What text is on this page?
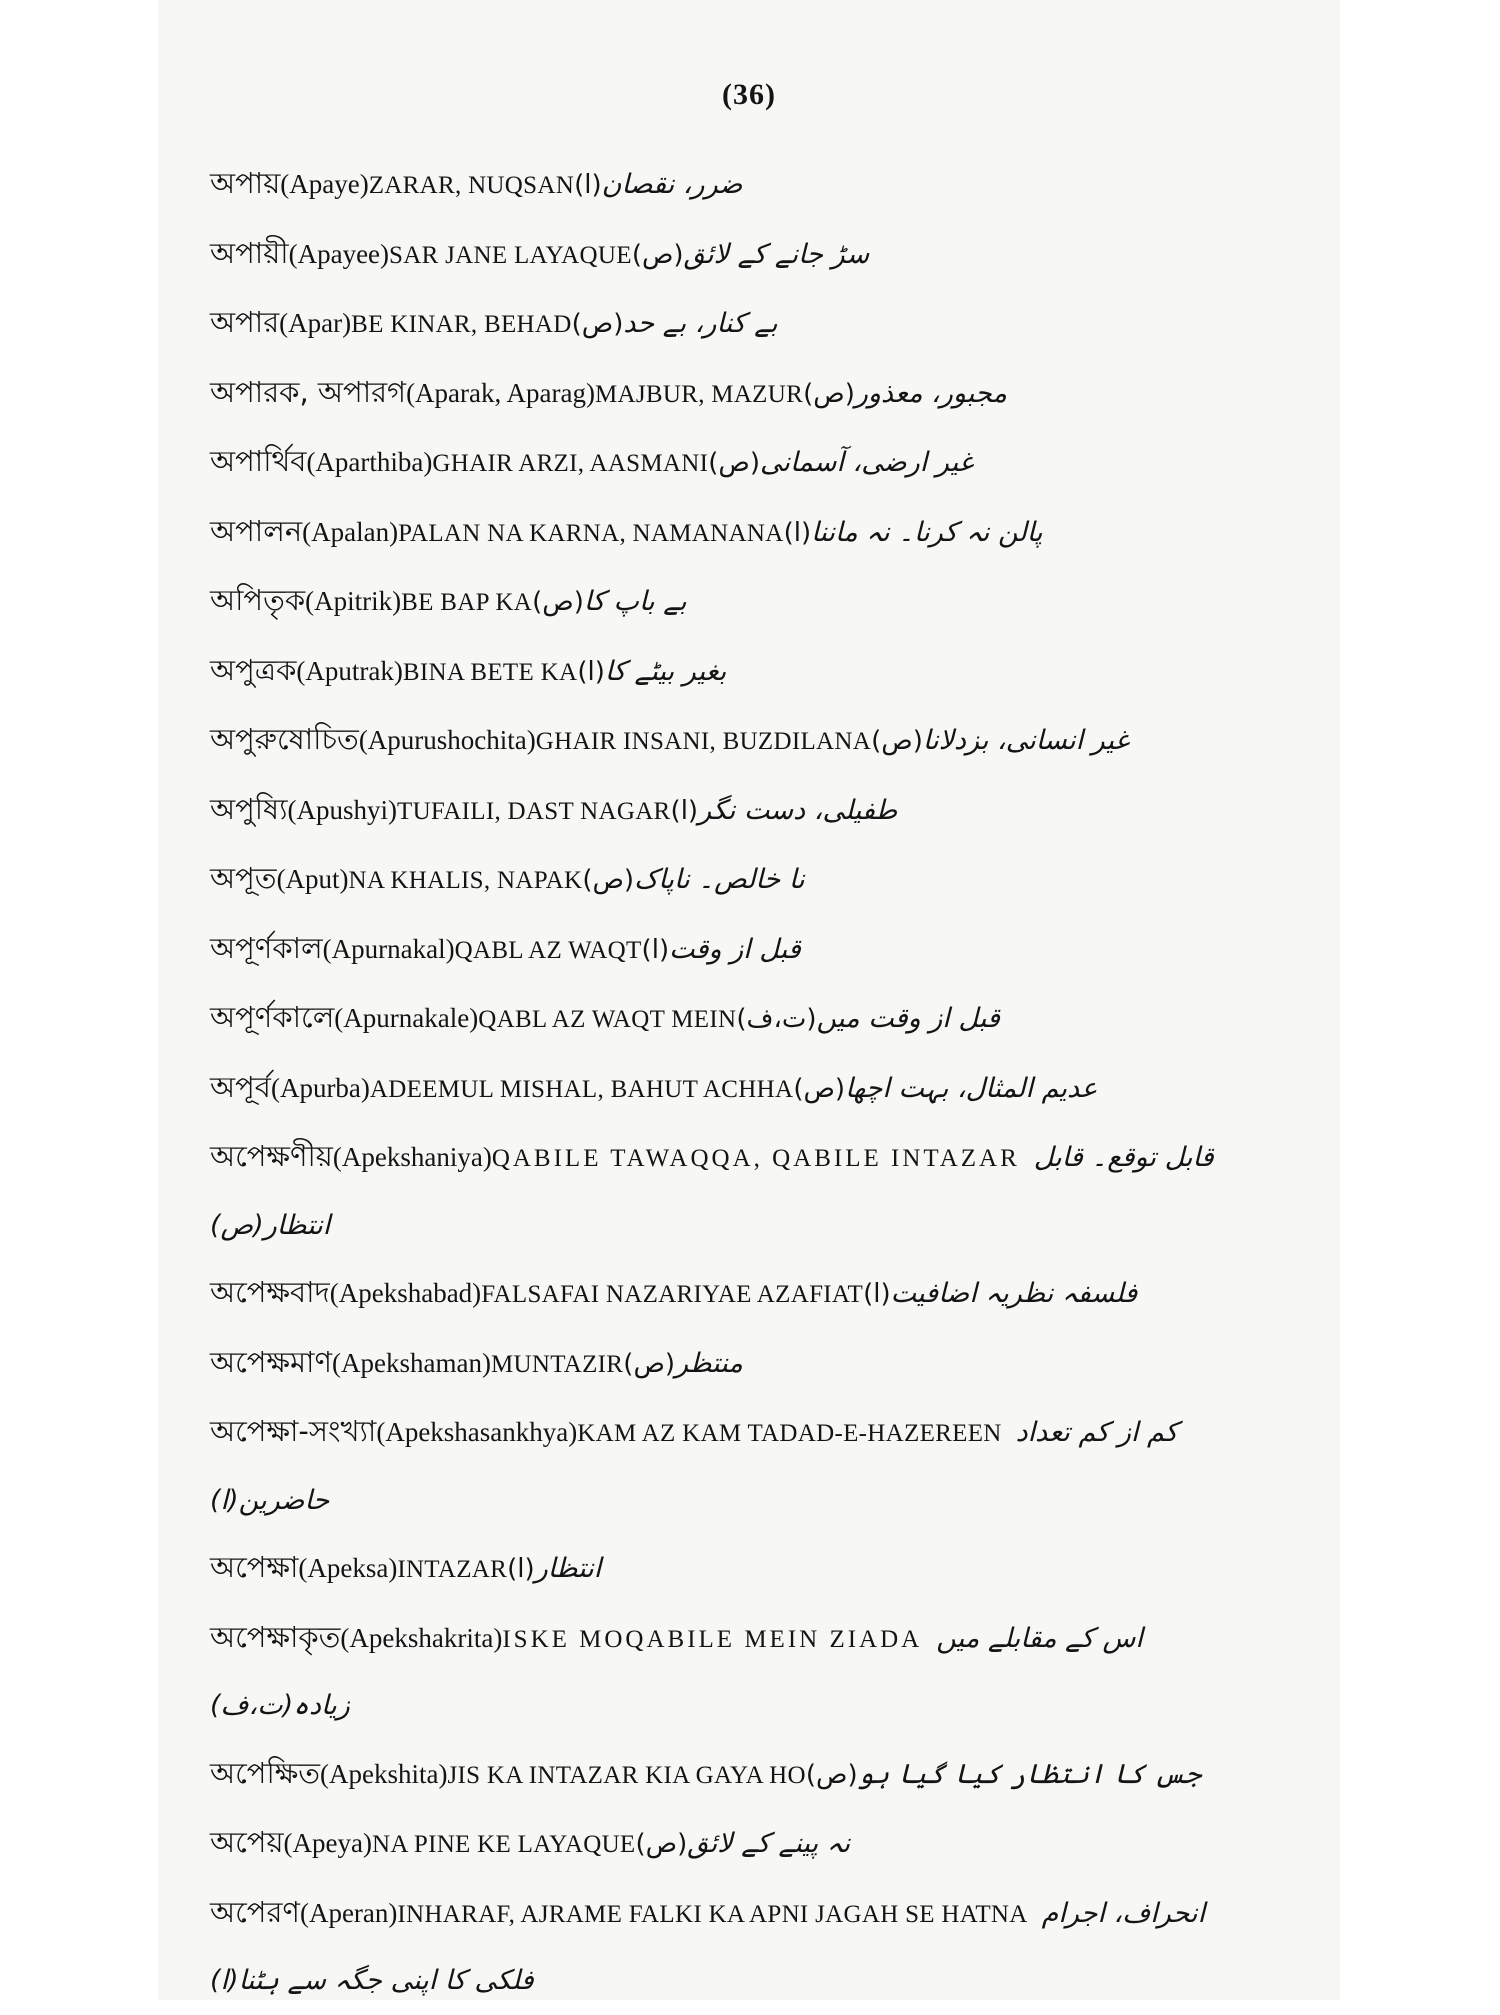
(36)
অপায়(Apaye)ZARAR, NUQSAN(ا)ضرر، نقصان
অপায়ী(Apayee)SAR JANE LAYAQUE(ص)سڑ جانے کے لائق
অপার(Apar)BE KINAR, BEHAD(ص)بے کنار، بے حد
অপারক, অপারগ(Aparak, Aparag)MAJBUR, MAZUR(ص)مجبور، معذور
অপার্থিব(Aparthiba)GHAIR ARZI, AASMANI(ص)غیر ارضی، آسمانی
অপালন(Apalan)PALAN NA KARNA, NAMANANA(ا)پالن نہ کرنا۔ نہ ماننا
অপিতৃক(Apitrik)BE BAP KA(ص)بے باپ کا
অপুত্রক(Aputrak)BINA BETE KA(ا)بغیر بیٹے کا
অপুরুষোচিত(Apurushochita)GHAIR INSANI, BUZDILANA(ص)غیر انسانی، بزدلانا
অপুষ্যি(Apushyi)TUFAILI, DAST NAGAR(ا)طفیلی، دست نگر
অপূত(Aput)NA KHALIS, NAPAK(ص)نا خالص۔ ناپاک
অপূর্ণকাল(Apurnakal)QABL AZ WAQT(ا)قبل از وقت
অপূর্ণকালে(Apurnakale)QABL AZ WAQT MEIN(ت،ف)قبل از وقت میں
অপূর্ব(Apurba)ADEEMUL MISHAL, BAHUT ACHHA(ص)عدیم المثال، بہت اچھا
অপেক্ষণীয়(Apekshaniya)QABILE TAWAQQA, QABILE INTAZAR قابل توقع۔ قابل
انتظار(ص)
অপেক্ষবাদ(Apekshabad)FALSAFAI NAZARIYAE AZAFIAT(ا)فلسفہ نظریہ اضافیت
অপেক্ষমাণ(Apekshaman)MUNTAZIR(ص)منتظر
অপেক্ষা-সংখ্যা(Apekshasankhya)KAM AZ KAM TADAD-E-HAZEREEN کم از کم تعداد
حاضرین(ا)
অপেক্ষা(Apeksa)INTAZAR(ا)انتظار
অপেক্ষাকৃত(Apekshakrita)ISKE MOQABILE MEIN ZIADA اس کے مقابلے میں
زیادہ(ت،ف)
অপেক্ষিত(Apekshita)JIS KA INTAZAR KIA GAYA HO(ص)جس کا انتظار کیا گیا ہو
অপেয়(Apeya)NA PINE KE LAYAQUE(ص)نہ پینے کے لائق
অপেরণ(Aperan)INHARAF, AJRAME FALKI KA APNI JAGAH SE HATNA انحراف، اجرام
فلکی کا اپنی جگہ سے ہٹنا(ا)
